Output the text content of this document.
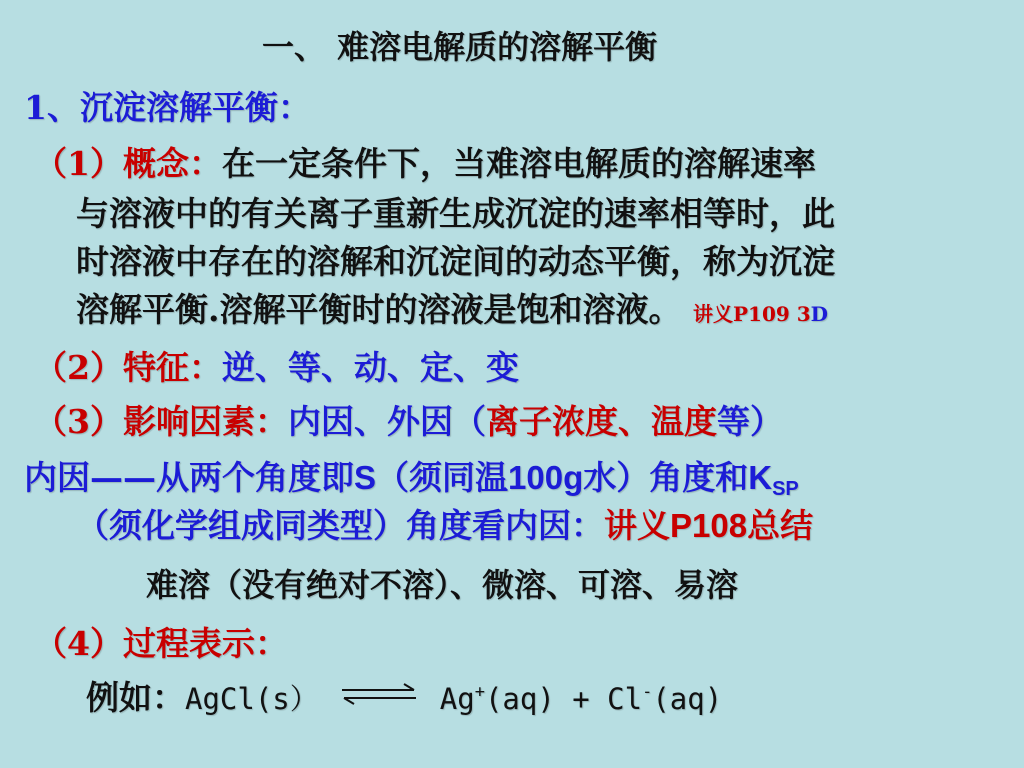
一、 难溶电解质的溶解平衡
1、沉淀溶解平衡：
（1）概念：在一定条件下，当难溶电解质的溶解速率
与溶液中的有关离子重新生成沉淀的速率相等时，此
时溶液中存在的溶解和沉淀间的动态平衡，称为沉淀
溶解平衡.溶解平衡时的溶液是饱和溶液。 讲义P109 3D
（2）特征：逆、等、动、定、变
（3）影响因素：内因、外因（离子浓度、温度等）
内因——从两个角度即S（须同温100g水）角度和$K_{SP}$
（须化学组成同类型）角度看内因：讲义P108总结
难溶（没有绝对不溶）、微溶、可溶、易溶
（4）过程表示：
例如：AgCl(s） ⇌ Ag+(aq) + Cl-(aq)
